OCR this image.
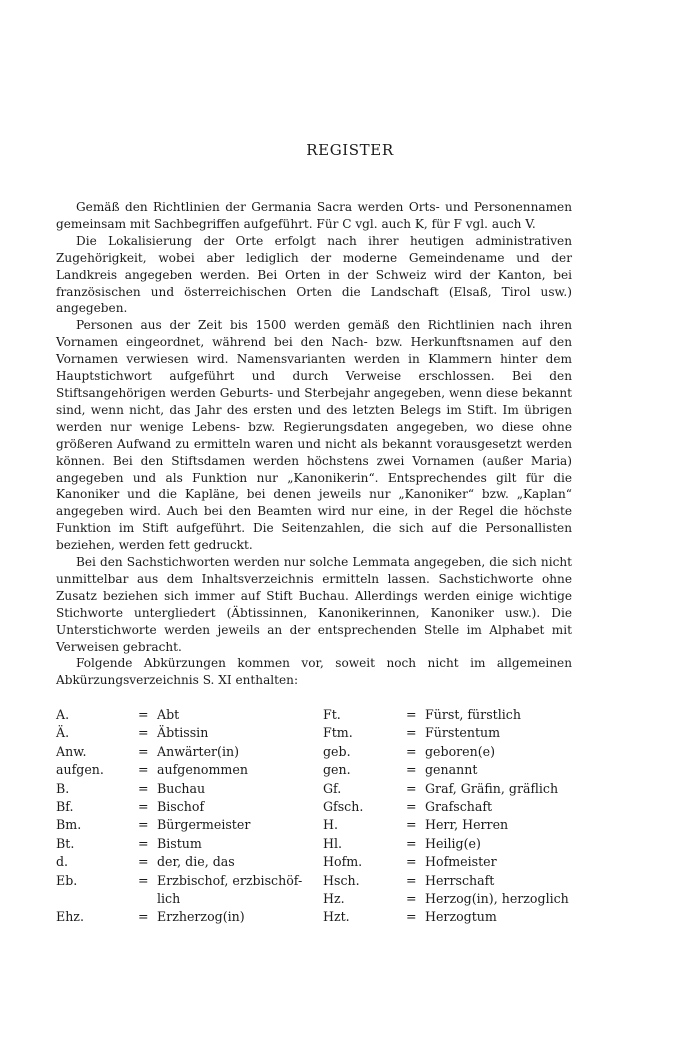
REGISTER

Gemäß den Richtlinien der Germania Sacra werden Orts- und Personennamen gemeinsam mit Sachbegriffen aufgeführt. Für C vgl. auch K, für F vgl. auch V.

Die Lokalisierung der Orte erfolgt nach ihrer heutigen administrativen Zugehörigkeit, wobei aber lediglich der moderne Gemeindename und der Landkreis angegeben werden. Bei Orten in der Schweiz wird der Kanton, bei französischen und österreichischen Orten die Landschaft (Elsaß, Tirol usw.) angegeben.

Personen aus der Zeit bis 1500 werden gemäß den Richtlinien nach ihren Vornamen eingeordnet, während bei den Nach- bzw. Herkunftsnamen auf den Vornamen verwiesen wird. Namensvarianten werden in Klammern hinter dem Hauptstichwort aufgeführt und durch Verweise erschlossen. Bei den Stiftsangehörigen werden Geburts- und Sterbejahr angegeben, wenn diese bekannt sind, wenn nicht, das Jahr des ersten und des letzten Belegs im Stift. Im übrigen werden nur wenige Lebens- bzw. Regierungsdaten angegeben, wo diese ohne größeren Aufwand zu ermitteln waren und nicht als bekannt vorausgesetzt werden können. Bei den Stiftsdamen werden höchstens zwei Vornamen (außer Maria) angegeben und als Funktion nur „Kanonikerin“. Entsprechendes gilt für die Kanoniker und die Kapläne, bei denen jeweils nur „Kanoniker“ bzw. „Kaplan“ angegeben wird. Auch bei den Beamten wird nur eine, in der Regel die höchste Funktion im Stift aufgeführt. Die Seitenzahlen, die sich auf die Personallisten beziehen, werden fett gedruckt.

Bei den Sachstichworten werden nur solche Lemmata angegeben, die sich nicht unmittelbar aus dem Inhaltsverzeichnis ermitteln lassen. Sachstichworte ohne Zusatz beziehen sich immer auf Stift Buchau. Allerdings werden einige wichtige Stichworte untergliedert (Äbtissinnen, Kanonikerinnen, Kanoniker usw.). Die Unterstichworte werden jeweils an der entsprechenden Stelle im Alphabet mit Verweisen gebracht.

Folgende Abkürzungen kommen vor, soweit noch nicht im allgemeinen Abkürzungsverzeichnis S. XI enthalten:

A.	=	Abt	Ft.	=	Fürst, fürstlich
Ä.	=	Äbtissin	Ftm.	=	Fürstentum
Anw.	=	Anwärter(in)	geb.	=	geboren(e)
aufgen.	=	aufgenommen	gen.	=	genannt
B.	=	Buchau	Gf.	=	Graf, Gräfin, gräflich
Bf.	=	Bischof	Gfsch.	=	Grafschaft
Bm.	=	Bürgermeister	H.	=	Herr, Herren
Bt.	=	Bistum	Hl.	=	Heilig(e)
d.	=	der, die, das	Hofm.	=	Hofmeister
Eb.	=	Erzbischof, erzbischöf-	Hsch.	=	Herrschaft
		lich	Hz.	=	Herzog(in), herzoglich
Ehz.	=	Erzherzog(in)	Hzt.	=	Herzogtum
